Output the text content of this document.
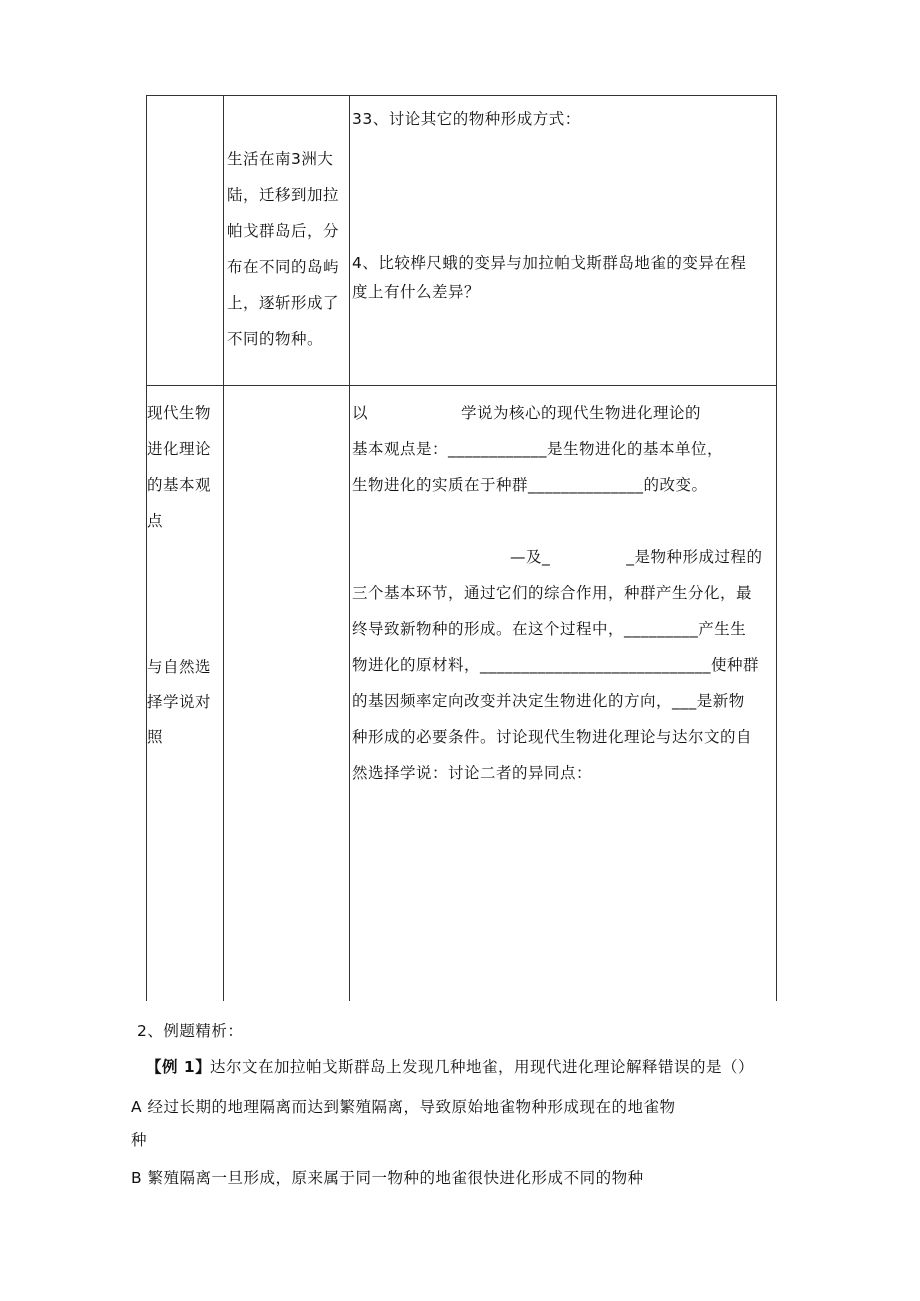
生活在南3洲大
陆，迁移到加拉
帕戈群岛后，分
布在不同的岛屿
上，逐斩形成了
不同的物种。
33、讨论其它的物种形成方式：
4、比较桦尺蛾的变异与加拉帕戈斯群岛地雀的变异在程
度上有什么差异？
现代生物
进化理论
的基本观
点
与自然选
择学说对
照
以	学说为核心的现代生物进化理论的
基本观点是：____________是生物进化的基本单位，
生物进化的实质在于种群______________的改变。
—及_              _是物种形成过程的
三个基本环节，通过它们的综合作用，种群产生分化，最
终导致新物种的形成。在这个过程中，_________产生生
物进化的原材料，____________________________使种群
的基因频率定向改变并决定生物进化的方向，___是新物
种形成的必要条件。讨论现代生物进化理论与达尔文的自
然选择学说：讨论二者的异同点：
2、例题精析：
【例 1】
达尔文在加拉帕戈斯群岛上发现几种地雀，用现代进化理论解释错误的是（）
A 经过长期的地理隔离而达到繁殖隔离，导致原始地雀物种形成现在的地雀物
种
B 繁殖隔离一旦形成，原来属于同一物种的地雀很快进化形成不同的物种
